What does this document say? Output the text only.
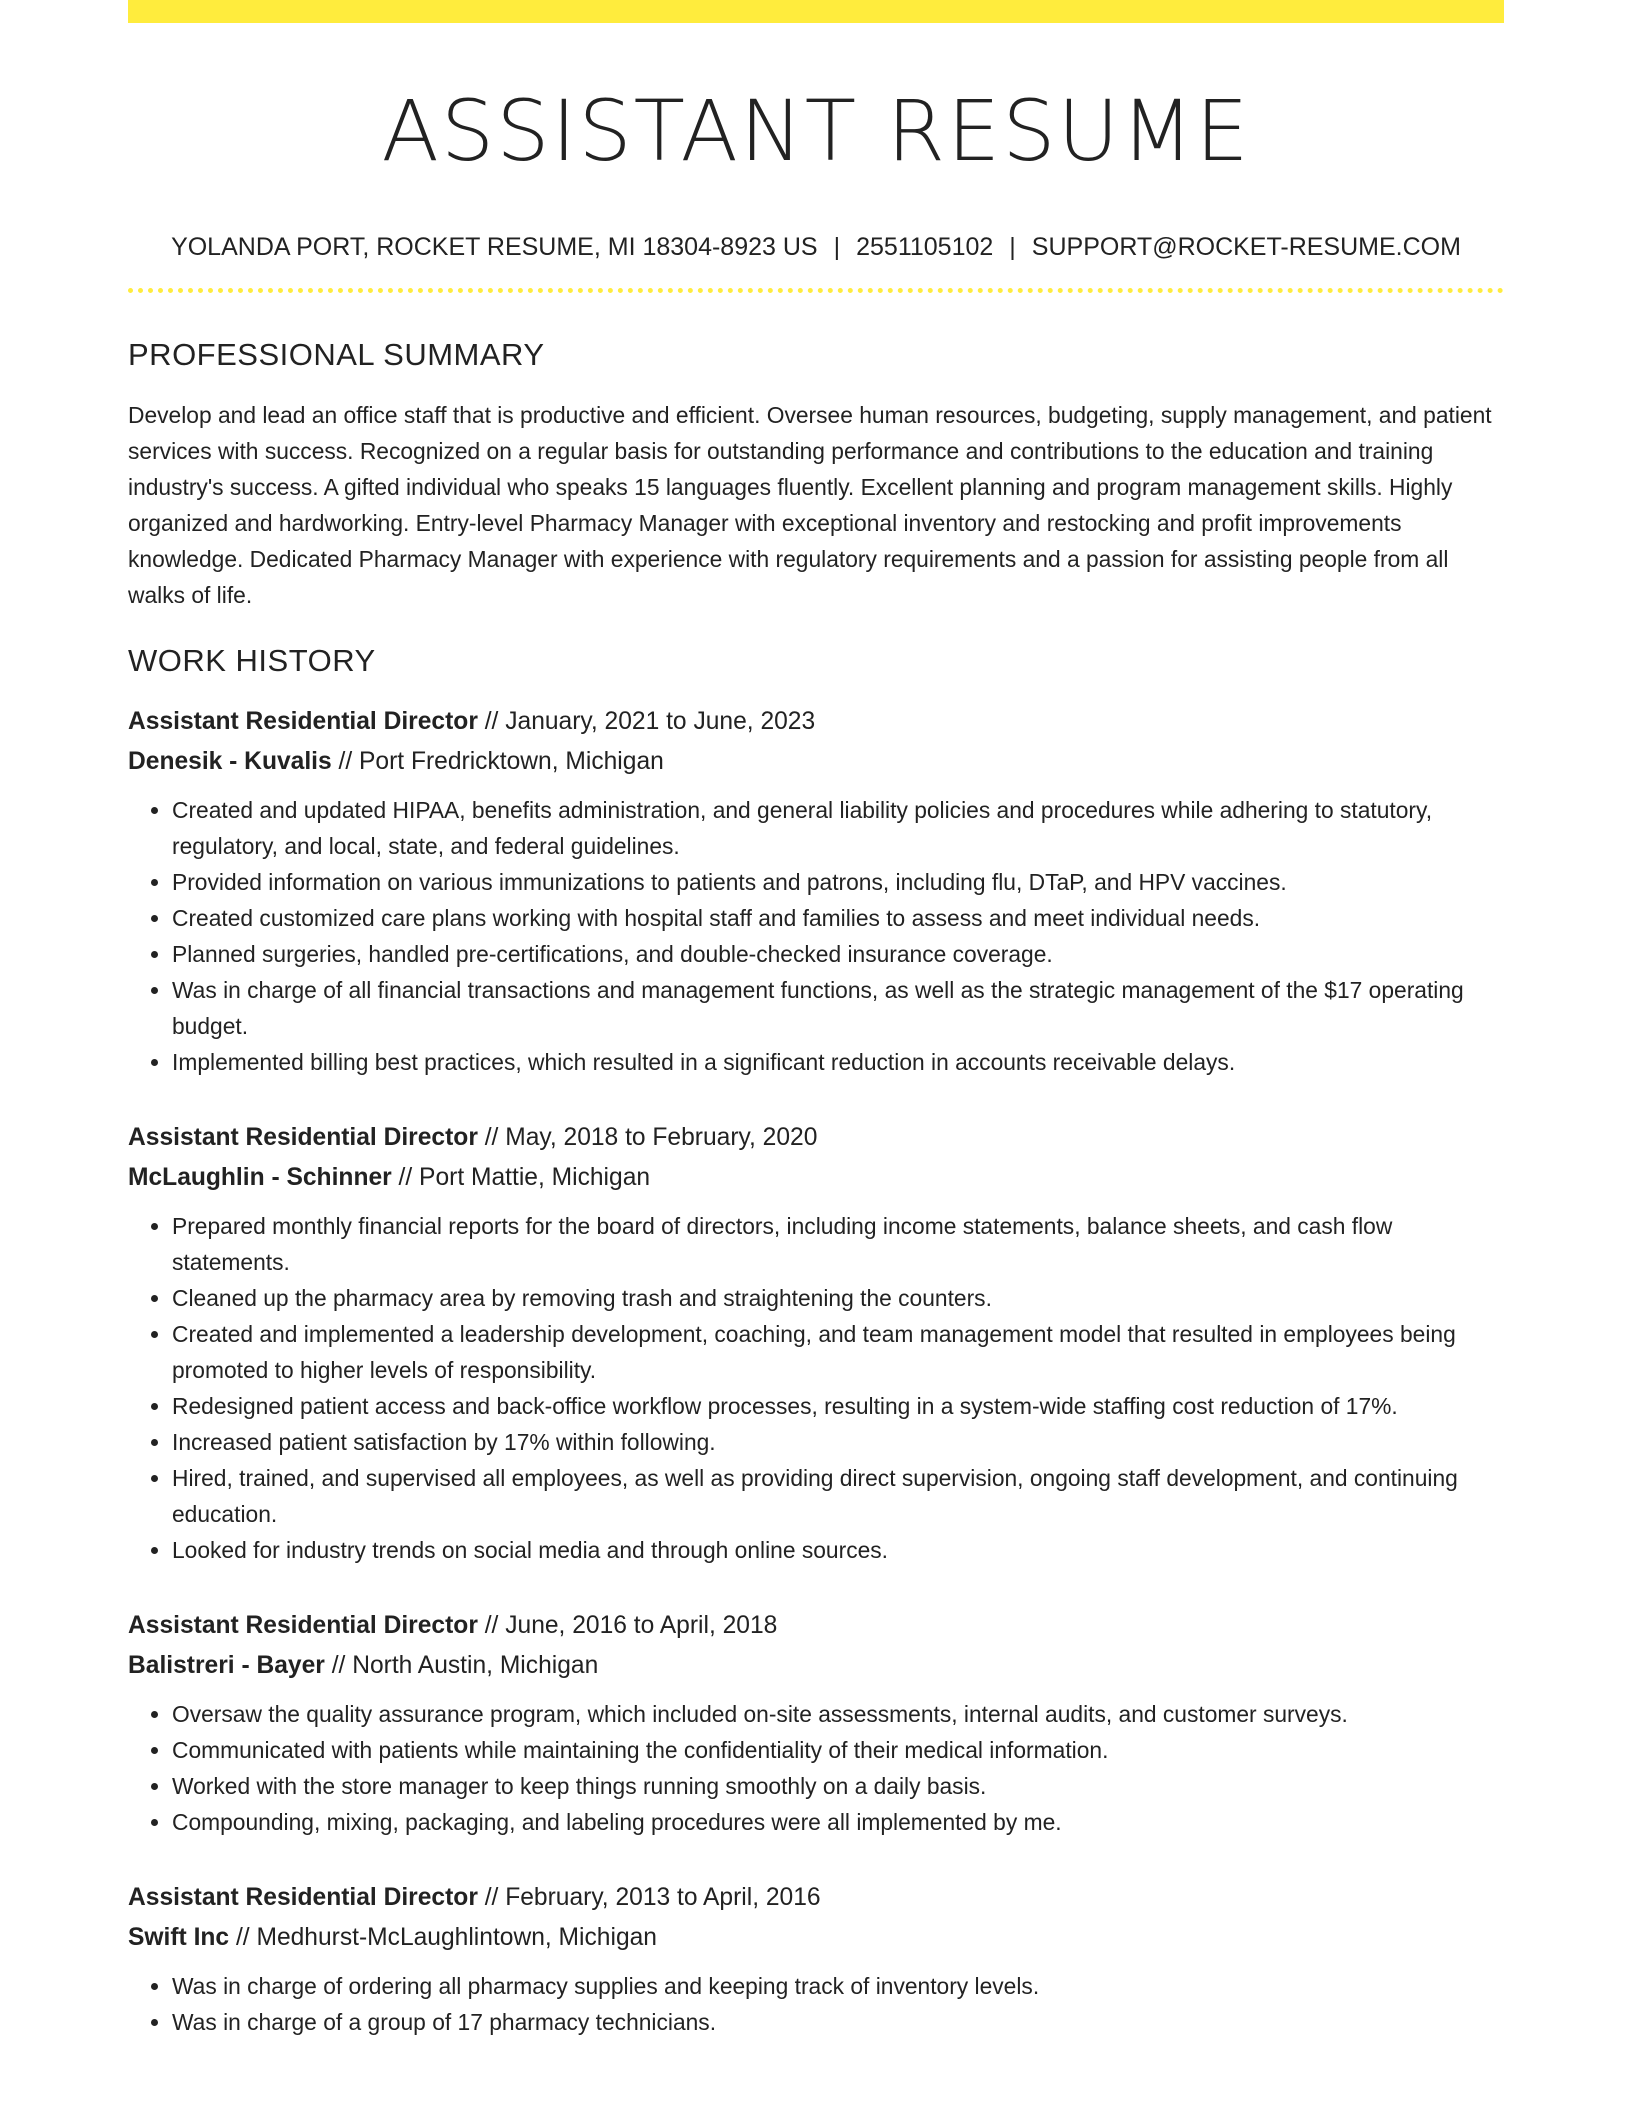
ASSISTANT RESUME
YOLANDA PORT, ROCKET RESUME, MI 18304-8923 US | 2551105102 | SUPPORT@ROCKET-RESUME.COM
PROFESSIONAL SUMMARY

Develop and lead an office staff that is productive and efficient. Oversee human resources, budgeting, supply management, and patient services with success. Recognized on a regular basis for outstanding performance and contributions to the education and training industry's success. A gifted individual who speaks 15 languages fluently. Excellent planning and program management skills. Highly organized and hardworking. Entry-level Pharmacy Manager with exceptional inventory and restocking and profit improvements knowledge. Dedicated Pharmacy Manager with experience with regulatory requirements and a passion for assisting people from all walks of life.

WORK HISTORY
Assistant Residential Director // January, 2021 to June, 2023
Denesik - Kuvalis // Port Fredricktown, Michigan
• Created and updated HIPAA, benefits administration, and general liability policies and procedures while adhering to statutory, regulatory, and local, state, and federal guidelines.
• Provided information on various immunizations to patients and patrons, including flu, DTaP, and HPV vaccines.
• Created customized care plans working with hospital staff and families to assess and meet individual needs.
• Planned surgeries, handled pre-certifications, and double-checked insurance coverage.
• Was in charge of all financial transactions and management functions, as well as the strategic management of the $17 operating budget.
• Implemented billing best practices, which resulted in a significant reduction in accounts receivable delays.
Assistant Residential Director // May, 2018 to February, 2020
McLaughlin - Schinner // Port Mattie, Michigan
• Prepared monthly financial reports for the board of directors, including income statements, balance sheets, and cash flow statements.
• Cleaned up the pharmacy area by removing trash and straightening the counters.
• Created and implemented a leadership development, coaching, and team management model that resulted in employees being promoted to higher levels of responsibility.
• Redesigned patient access and back-office workflow processes, resulting in a system-wide staffing cost reduction of 17%.
• Increased patient satisfaction by 17% within following.
• Hired, trained, and supervised all employees, as well as providing direct supervision, ongoing staff development, and continuing education.
• Looked for industry trends on social media and through online sources.
Assistant Residential Director // June, 2016 to April, 2018
Balistreri - Bayer // North Austin, Michigan
• Oversaw the quality assurance program, which included on-site assessments, internal audits, and customer surveys.
• Communicated with patients while maintaining the confidentiality of their medical information.
• Worked with the store manager to keep things running smoothly on a daily basis.
• Compounding, mixing, packaging, and labeling procedures were all implemented by me.
Assistant Residential Director // February, 2013 to April, 2016
Swift Inc // Medhurst-McLaughlintown, Michigan
• Was in charge of ordering all pharmacy supplies and keeping track of inventory levels.
• Was in charge of a group of 17 pharmacy technicians.
